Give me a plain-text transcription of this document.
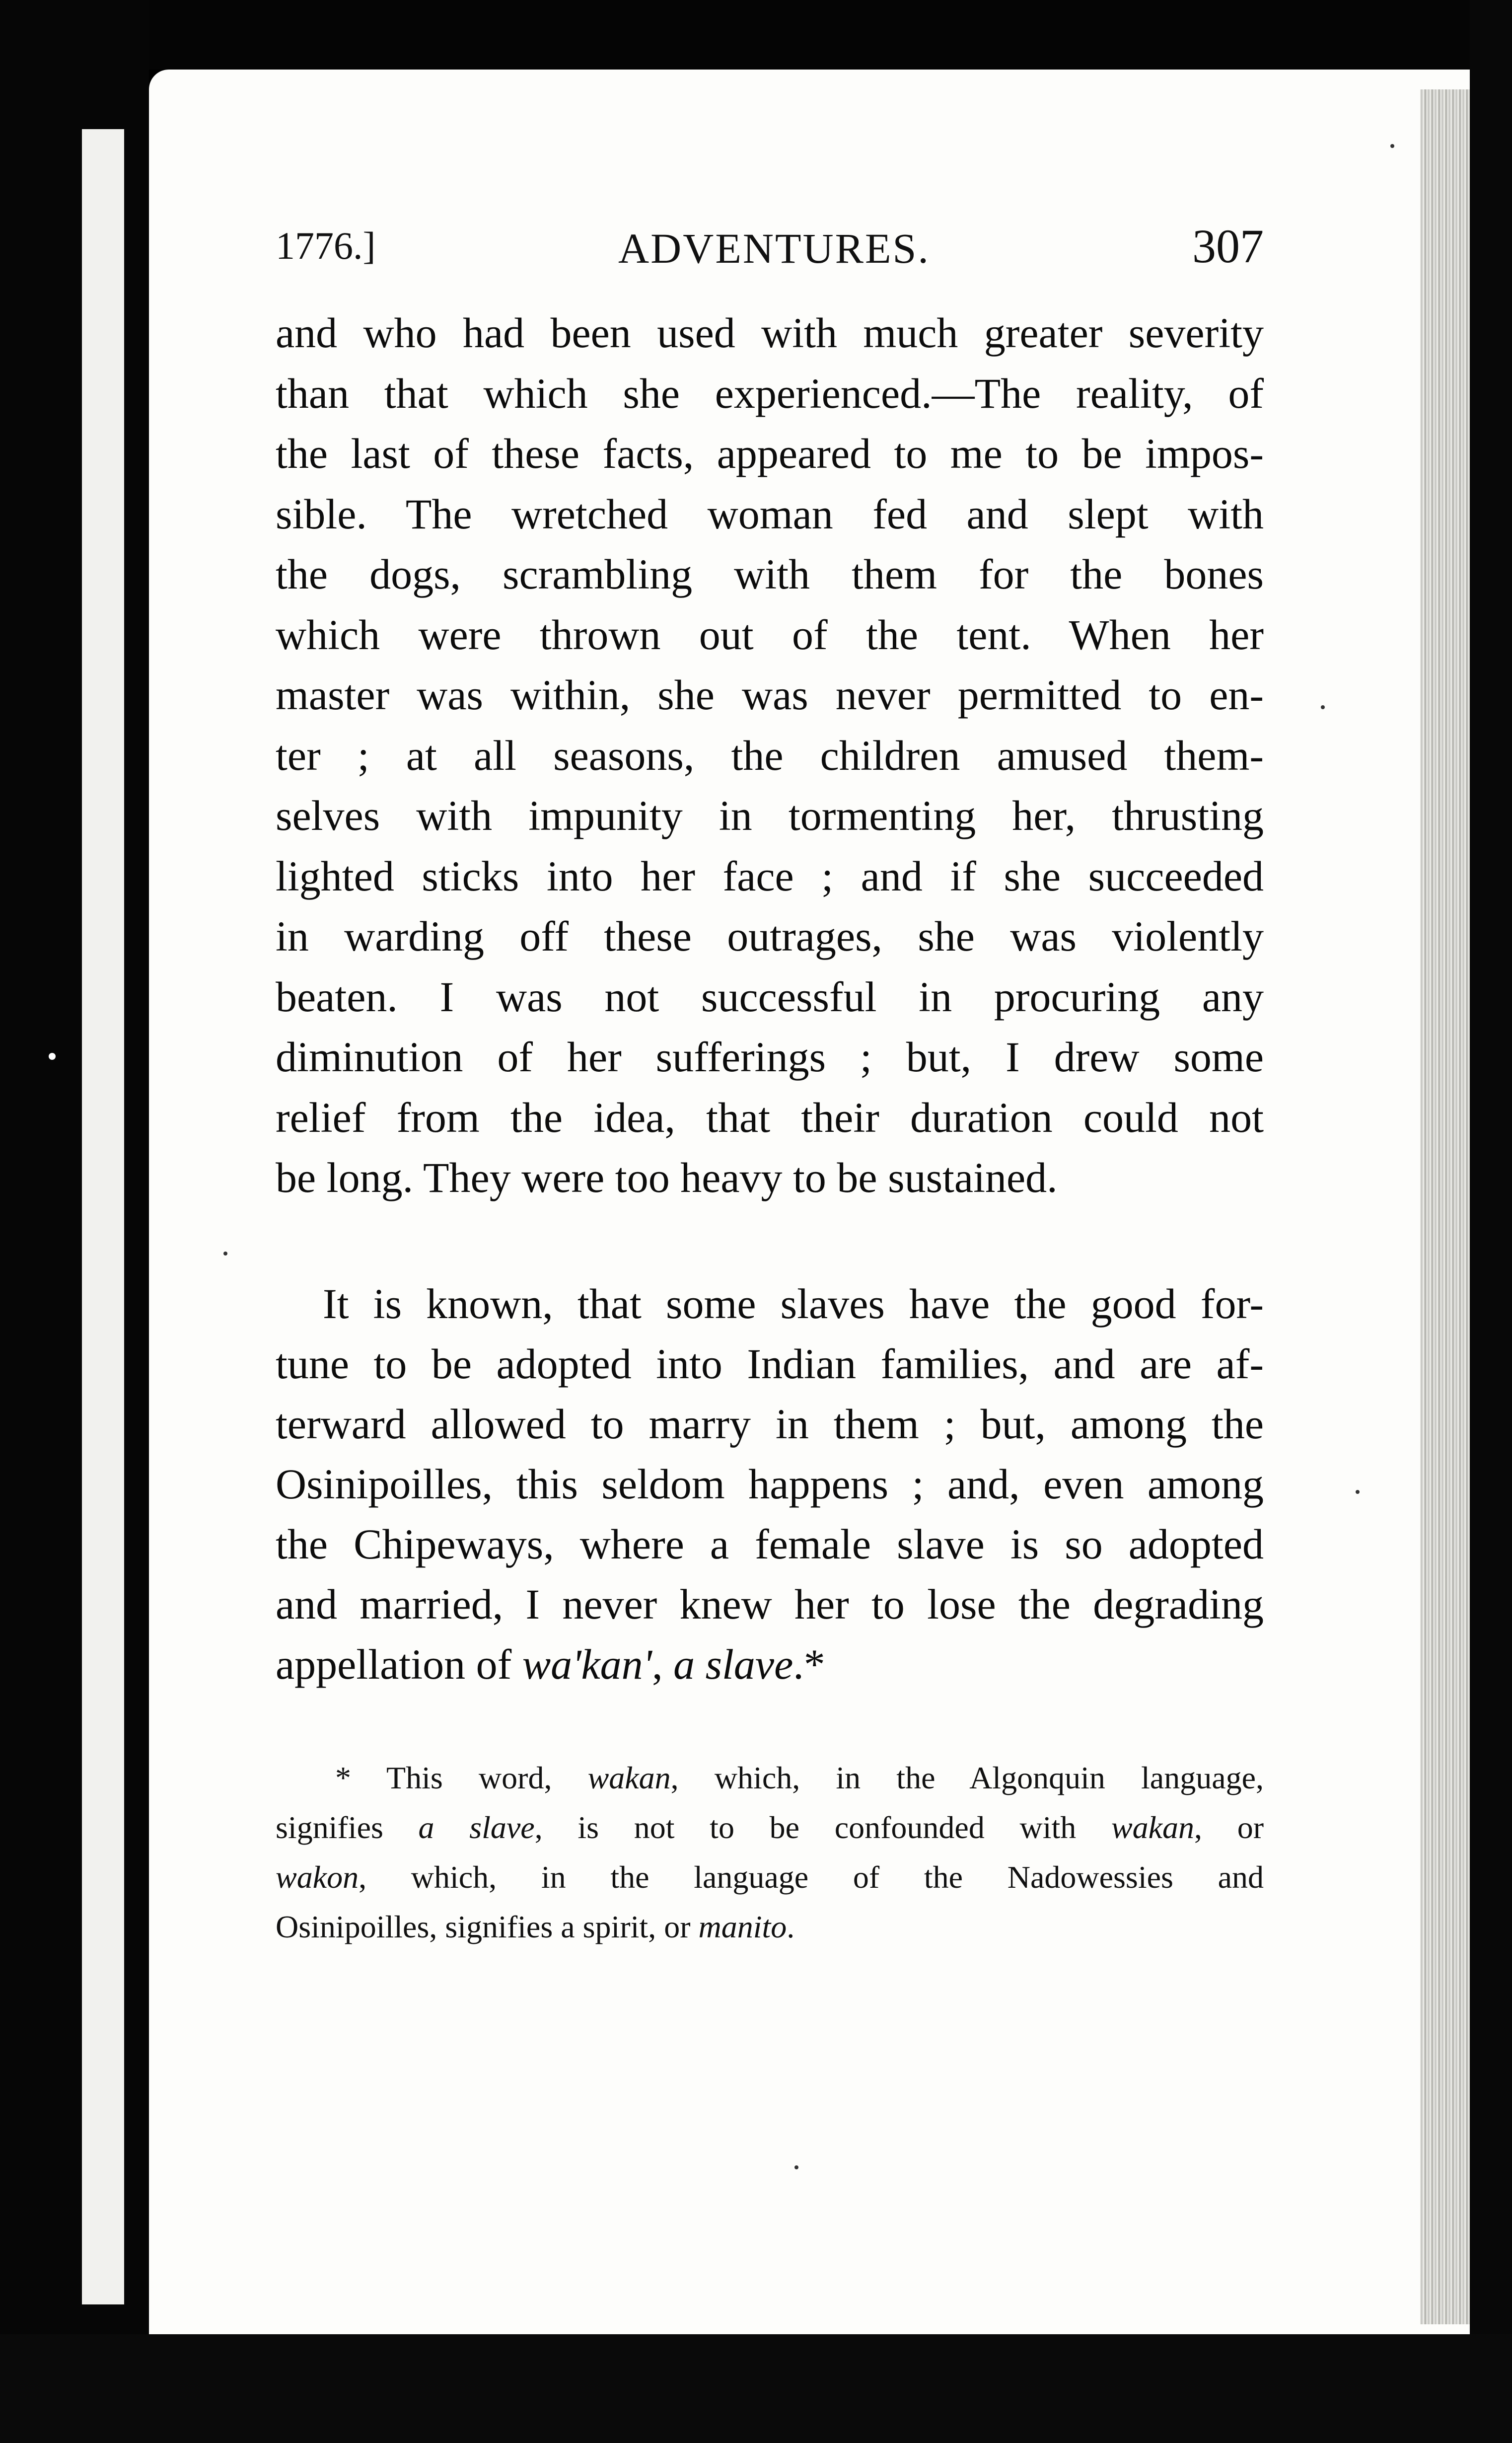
1776.]	ADVENTURES.	307
and who had been used with much greater severity
than that which she experienced.—The reality, of
the last of these facts, appeared to me to be impos-
sible. The wretched woman fed and slept with
the dogs, scrambling with them for the bones
which were thrown out of the tent. When her
master was within, she was never permitted to en-
ter ; at all seasons, the children amused them-
selves with impunity in tormenting her, thrusting
lighted sticks into her face ; and if she succeeded
in warding off these outrages, she was violently
beaten. I was not successful in procuring any
diminution of her sufferings ; but, I drew some
relief from the idea, that their duration could not
be long. They were too heavy to be sustained.
It is known, that some slaves have the good for-
tune to be adopted into Indian families, and are af-
terward allowed to marry in them ; but, among the
Osinipoilles, this seldom happens ; and, even among
the Chipeways, where a female slave is so adopted
and married, I never knew her to lose the degrading
appellation of wa'kan', a slave.*
* This word, wakan, which, in the Algonquin language,
signifies a slave, is not to be confounded with wakan, or
wakon, which, in the language of the Nadowessies and
Osinipoilles, signifies a spirit, or manito.
